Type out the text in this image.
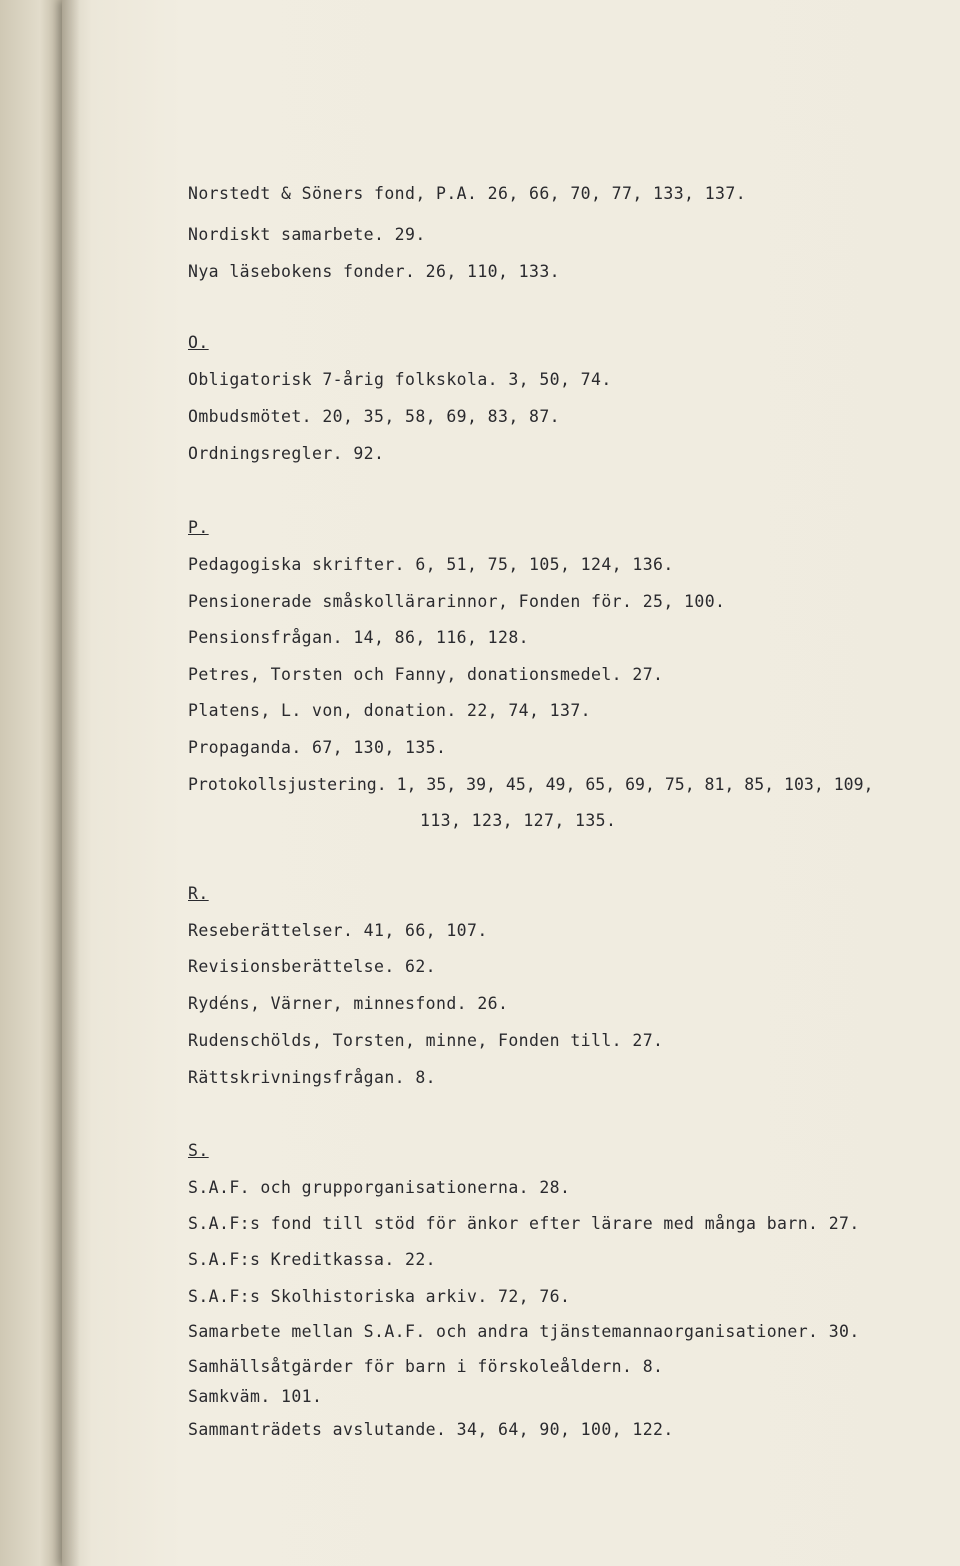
Norstedt & Söners fond, P.A. 26, 66, 70, 77, 133, 137.
Nordiskt samarbete. 29.
Nya läsebokens fonder. 26, 110, 133.
O.
Obligatorisk 7-årig folkskola. 3, 50, 74.
Ombudsmötet. 20, 35, 58, 69, 83, 87.
Ordningsregler. 92.
P.
Pedagogiska skrifter. 6, 51, 75, 105, 124, 136.
Pensionerade småskollärarinnor, Fonden för. 25, 100.
Pensionsfrågan. 14, 86, 116, 128.
Petres, Torsten och Fanny, donationsmedel. 27.
Platens, L. von, donation. 22, 74, 137.
Propaganda. 67, 130, 135.
Protokollsjustering. 1, 35, 39, 45, 49, 65, 69, 75, 81, 85, 103, 109,
113, 123, 127, 135.
R.
Reseberättelser. 41, 66, 107.
Revisionsberättelse. 62.
Rydéns, Värner, minnesfond. 26.
Rudenschölds, Torsten, minne, Fonden till. 27.
Rättskrivningsfrågan. 8.
S.
S.A.F. och grupporganisationerna. 28.
S.A.F:s fond till stöd för änkor efter lärare med många barn. 27.
S.A.F:s Kreditkassa. 22.
S.A.F:s Skolhistoriska arkiv. 72, 76.
Samarbete mellan S.A.F. och andra tjänstemannaorganisationer. 30.
Samhällsåtgärder för barn i förskoleåldern. 8.
Samkväm. 101.
Sammanträdets avslutande. 34, 64, 90, 100, 122.
